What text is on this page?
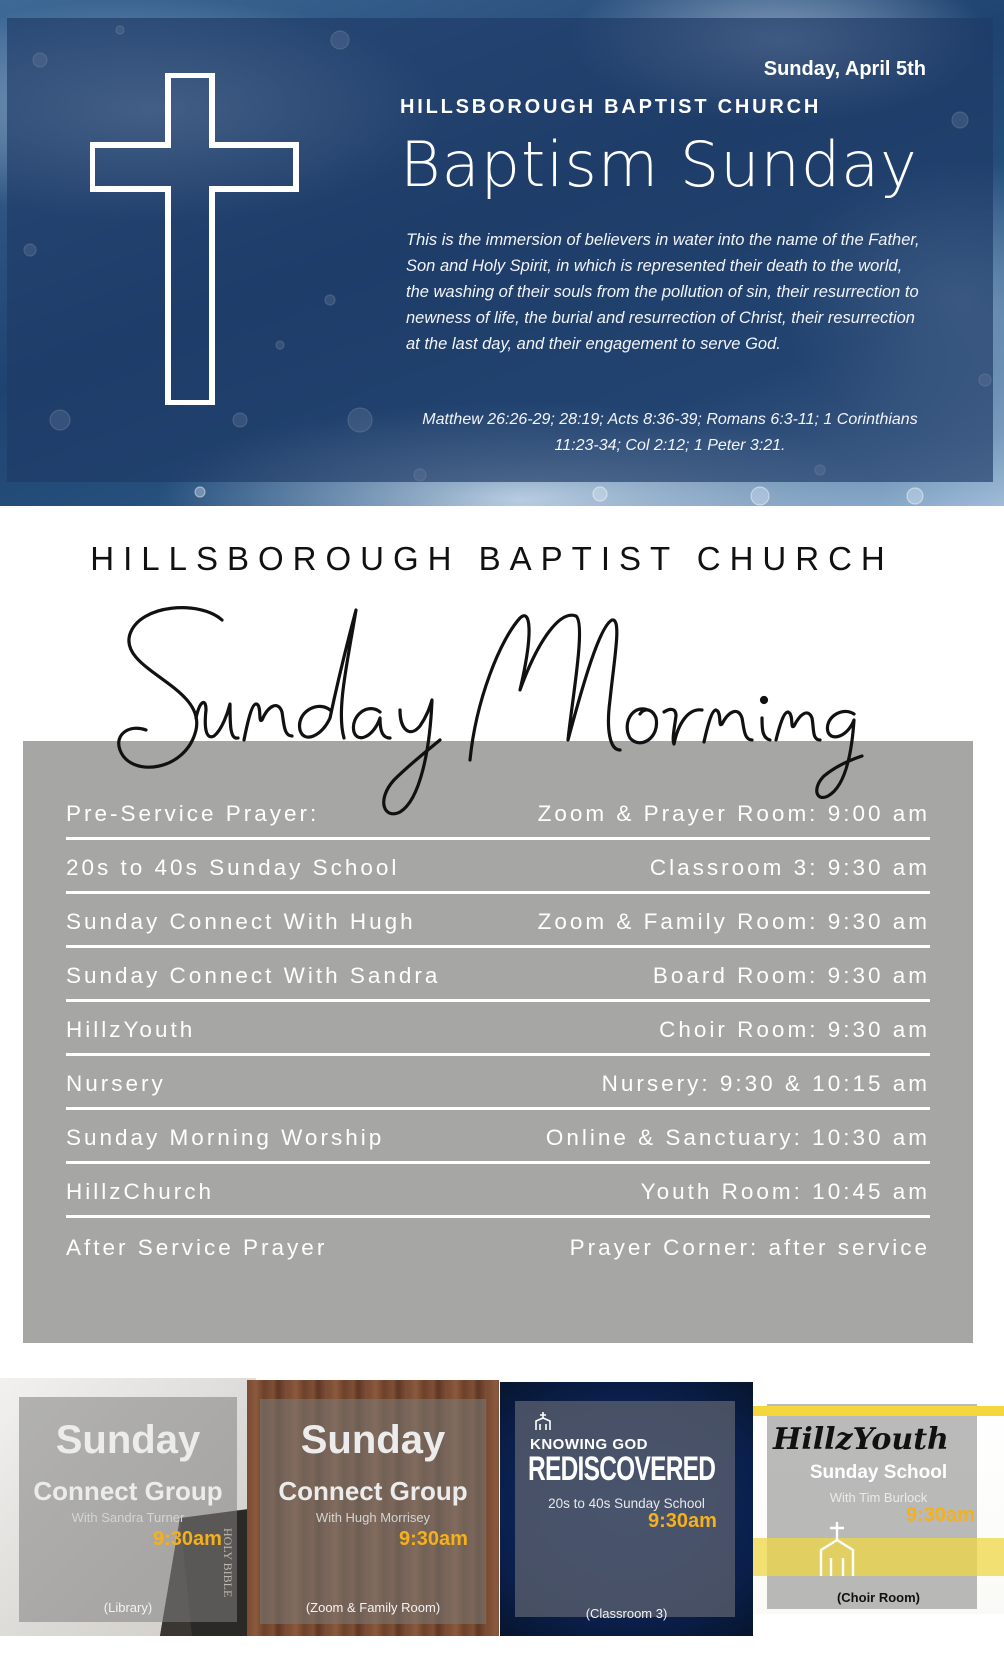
Sunday, April 5th
HILLSBOROUGH BAPTIST CHURCH
Baptism Sunday

This is the immersion of believers in water into the name of the Father, Son and Holy Spirit, in which is represented their death to the world, the washing of their souls from the pollution of sin, their resurrection to newness of life, the burial and resurrection of Christ, their resurrection at the last day, and their engagement to serve God.

Matthew 26:26-29; 28:19; Acts 8:36-39; Romans 6:3-11; 1 Corinthians 11:23-34; Col 2:12; 1 Peter 3:21.

HILLSBOROUGH BAPTIST CHURCH
Pre-Service Prayer:	Zoom & Prayer Room: 9:00 am
20s to 40s Sunday School	Classroom 3: 9:30 am
Sunday Connect With Hugh	Zoom & Family Room: 9:30 am
Sunday Connect With Sandra	Board Room: 9:30 am
HillzYouth	Choir Room: 9:30 am
Nursery	Nursery: 9:30 & 10:15 am
Sunday Morning Worship	Online & Sanctuary: 10:30 am
HillzChurch	Youth Room: 10:45 am
After Service Prayer	Prayer Corner: after service
Sunday
Connect Group
With Sandra Turner
9:30am HOLY BIBLE
(Library)
Sunday
Connect Group
With Hugh Morrisey
9:30am
(Zoom & Family Room)
KNOWING GOD
REDISCOVERED
20s to 40s Sunday School
9:30am
(Classroom 3)
HillzYouth
Sunday School
With Tim Burlock
9:30am
(Choir Room)
